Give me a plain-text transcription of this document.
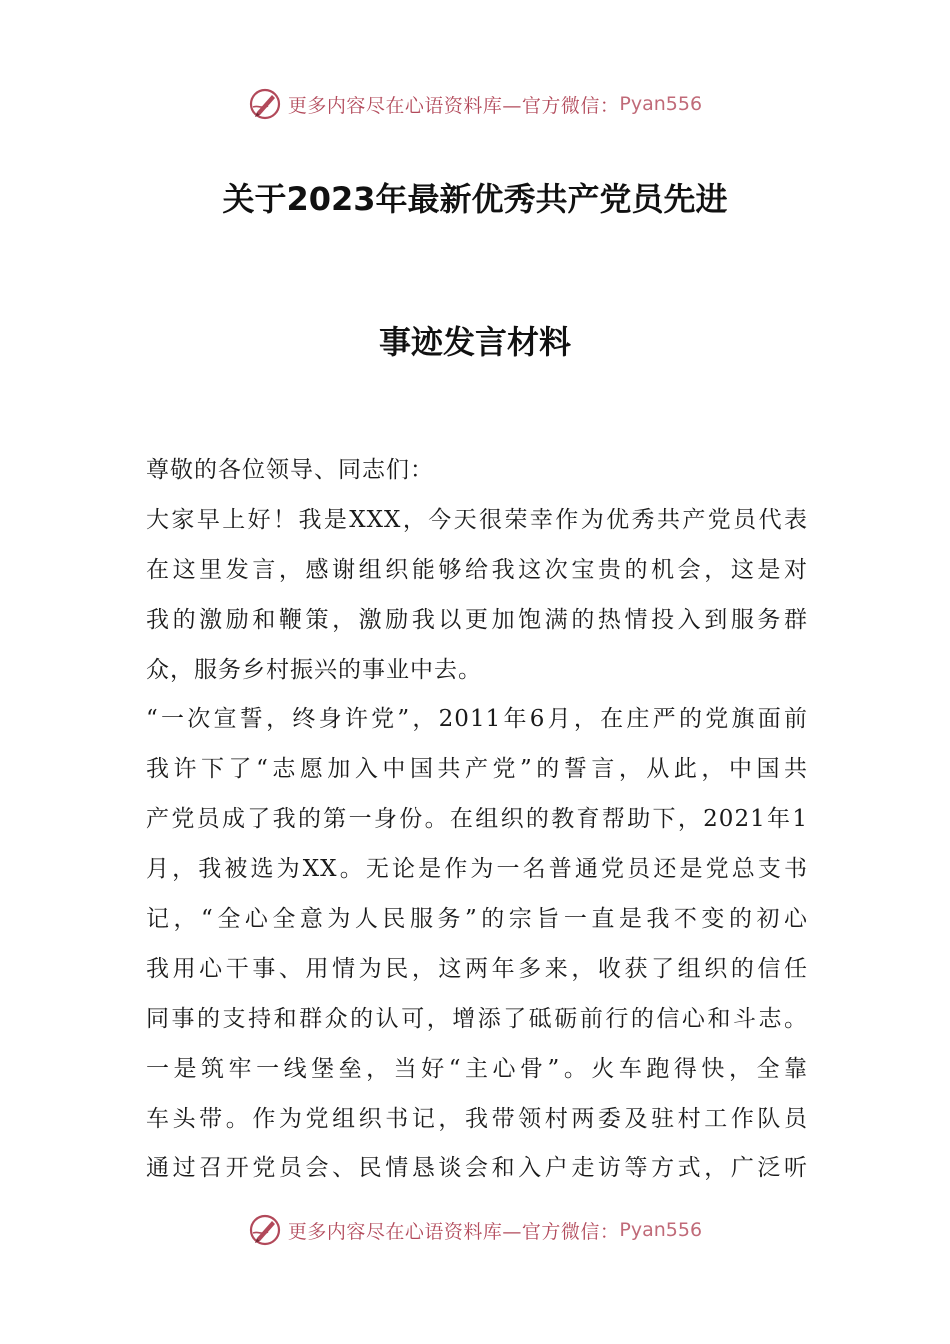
更多内容尽在心语资料库—官方微信： Pyan556
关于2023年最新优秀共产党员先进
事迹发言材料
尊敬的各位领导、同志们：
大家早上好！我是XXX，今天很荣幸作为优秀共产党员代表
在这里发言，感谢组织能够给我这次宝贵的机会，这是对
我的激励和鞭策，激励我以更加饱满的热情投入到服务群
众，服务乡村振兴的事业中去。
“一次宣誓，终身许党”，2011年6月，在庄严的党旗面前
我许下了“志愿加入中国共产党”的誓言，从此，中国共
产党员成了我的第一身份。在组织的教育帮助下，2021年1
月，我被选为XX。无论是作为一名普通党员还是党总支书
记，“全心全意为人民服务”的宗旨一直是我不变的初心
我用心干事、用情为民，这两年多来，收获了组织的信任
同事的支持和群众的认可，增添了砥砺前行的信心和斗志。
一是筑牢一线堡垒，当好“主心骨”。火车跑得快，全靠
车头带。作为党组织书记，我带领村两委及驻村工作队员
通过召开党员会、民情恳谈会和入户走访等方式，广泛听
更多内容尽在心语资料库—官方微信： Pyan556
